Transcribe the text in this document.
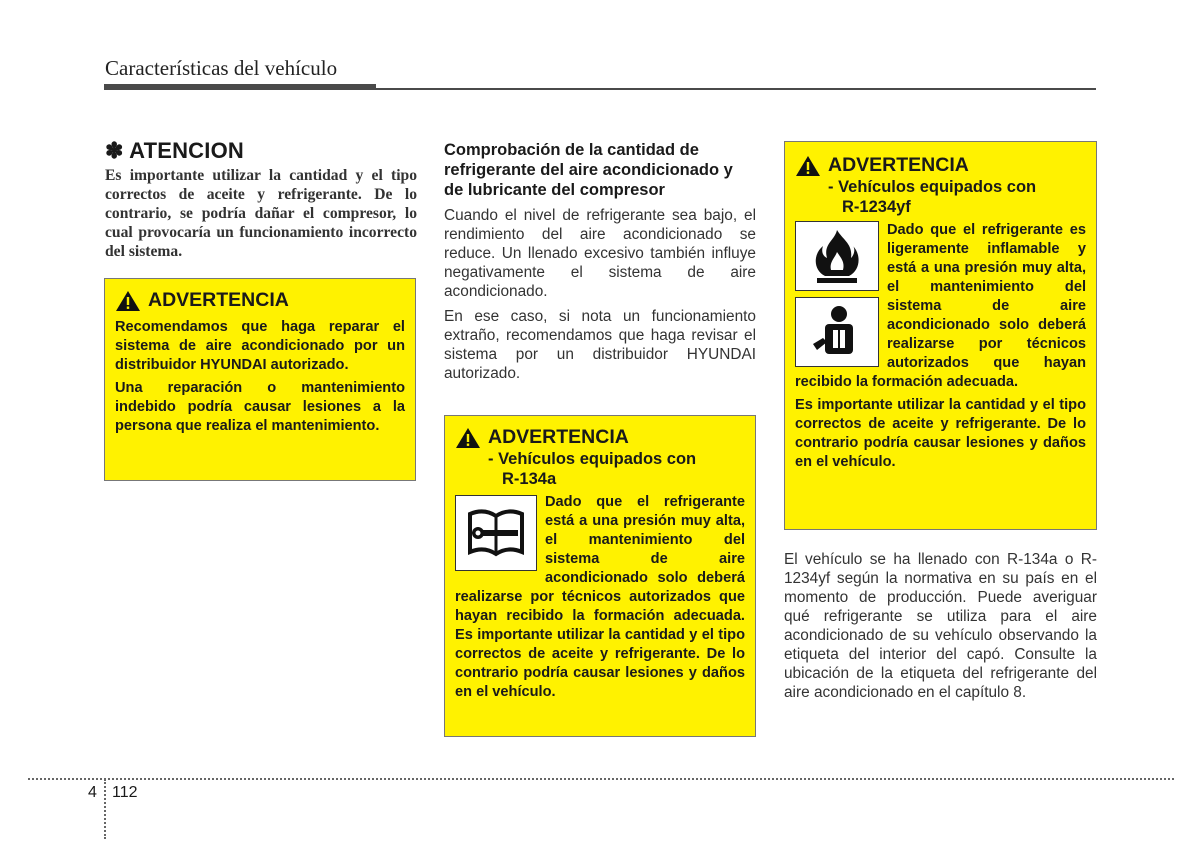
Características del vehículo
✽ ATENCION

Es importante utilizar la cantidad y el tipo correctos de aceite y refrigerante. De lo contrario, se podría dañar el compresor, lo cual provocaría un funcionamiento incorrecto del sistema.

ADVERTENCIA

Recomendamos que haga reparar el sistema de aire acondicionado por un distribuidor HYUNDAI autorizado.

Una reparación o mantenimiento indebido podría causar lesiones a la persona que realiza el mantenimiento.

Comprobación de la cantidad de refrigerante del aire acondicionado y de lubricante del compresor

Cuando el nivel de refrigerante sea bajo, el rendimiento del aire acondicionado se reduce. Un llenado excesivo también influye negativamente el sistema de aire acondicionado.

En ese caso, si nota un funcionamiento extraño, recomendamos que haga revisar el sistema por un distribuidor HYUNDAI autorizado.

ADVERTENCIA
- Vehículos equipados con
R-134a

Dado que el refrigerante está a una presión muy alta, el mantenimiento del sistema de aire acondicionado solo deberá realizarse por técnicos autorizados que hayan recibido la formación adecuada. Es importante utilizar la cantidad y el tipo correctos de aceite y refrigerante. De lo contrario podría causar lesiones y daños en el vehículo.

ADVERTENCIA
- Vehículos equipados con
R-1234yf

Dado que el refrigerante es ligeramente inflamable y está a una presión muy alta, el mantenimiento del sistema de aire acondicionado solo deberá realizarse por técnicos autorizados que hayan recibido la formación adecuada.

Es importante utilizar la cantidad y el tipo correctos de aceite y refrigerante. De lo contrario podría causar lesiones y daños en el vehículo.

El vehículo se ha llenado con R-134a o R-1234yf según la normativa en su país en el momento de producción. Puede averiguar qué refrigerante se utiliza para el aire acondicionado de su vehículo observando la etiqueta del interior del capó. Consulte la ubicación de la etiqueta del refrigerante del aire acondicionado en el capítulo 8.

4 112
